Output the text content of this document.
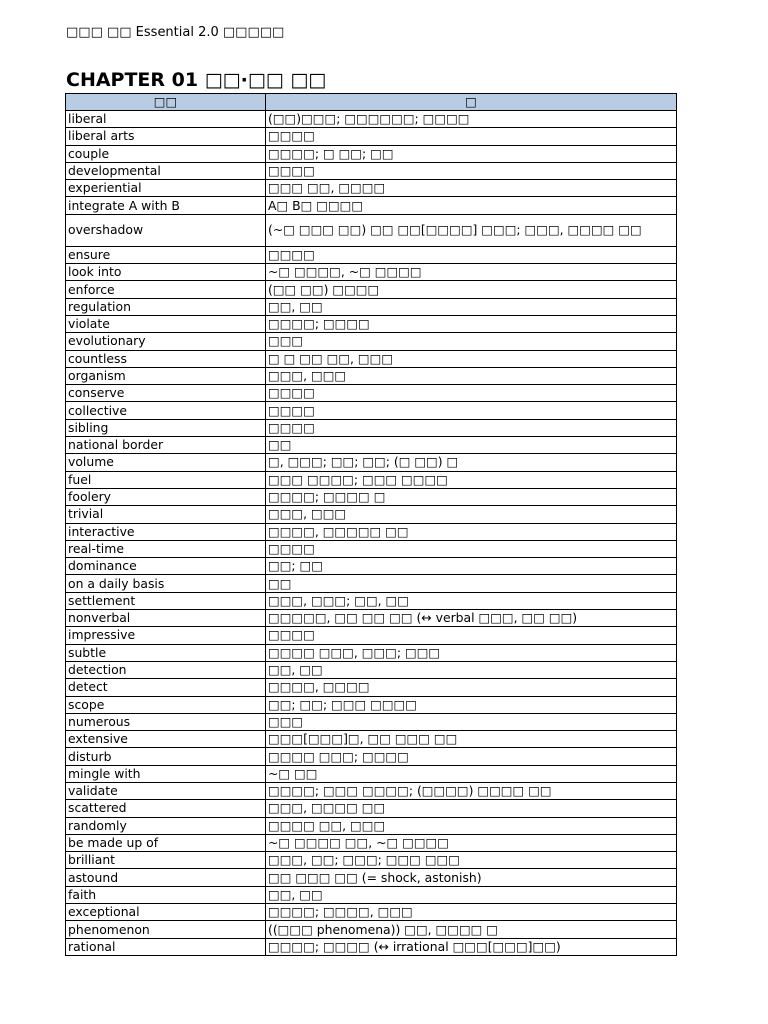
□□□ □□ Essential 2.0 □□□□□
CHAPTER 01 □□·□□ □□
□□	□
liberal	(□□)□□□; □□□□□□; □□□□
liberal arts	□□□□
couple	□□□□; □ □□; □□
developmental	□□□□
experiential	□□□ □□, □□□□
integrate A with B	A□ B□ □□□□
overshadow	(~□ □□□ □□) □□ □□[□□□□] □□□; □□□, □□□□ □□
ensure	□□□□
look into	~□ □□□□, ~□ □□□□
enforce	(□□ □□) □□□□
regulation	□□, □□
violate	□□□□; □□□□
evolutionary	□□□
countless	□ □ □□ □□, □□□
organism	□□□, □□□
conserve	□□□□
collective	□□□□
sibling	□□□□
national border	□□
volume	□, □□□; □□; □□; (□ □□) □
fuel	□□□ □□□□; □□□ □□□□
foolery	□□□□; □□□□ □
trivial	□□□, □□□
interactive	□□□□, □□□□□ □□
real-time	□□□□
dominance	□□; □□
on a daily basis	□□
settlement	□□□, □□□; □□, □□
nonverbal	□□□□□, □□ □□ □□ (↔ verbal □□□, □□ □□)
impressive	□□□□
subtle	□□□□ □□□, □□□; □□□
detection	□□, □□
detect	□□□□, □□□□
scope	□□; □□; □□□ □□□□
numerous	□□□
extensive	□□□[□□□]□, □□ □□□ □□
disturb	□□□□ □□□; □□□□
mingle with	~□ □□
validate	□□□□; □□□ □□□□; (□□□□) □□□□ □□
scattered	□□□, □□□□ □□
randomly	□□□□ □□, □□□
be made up of	~□ □□□□ □□, ~□ □□□□
brilliant	□□□, □□; □□□; □□□ □□□
astound	□□ □□□ □□ (= shock, astonish)
faith	□□, □□
exceptional	□□□□; □□□□, □□□
phenomenon	((□□□ phenomena)) □□, □□□□ □
rational	□□□□; □□□□ (↔ irrational □□□[□□□]□□)
